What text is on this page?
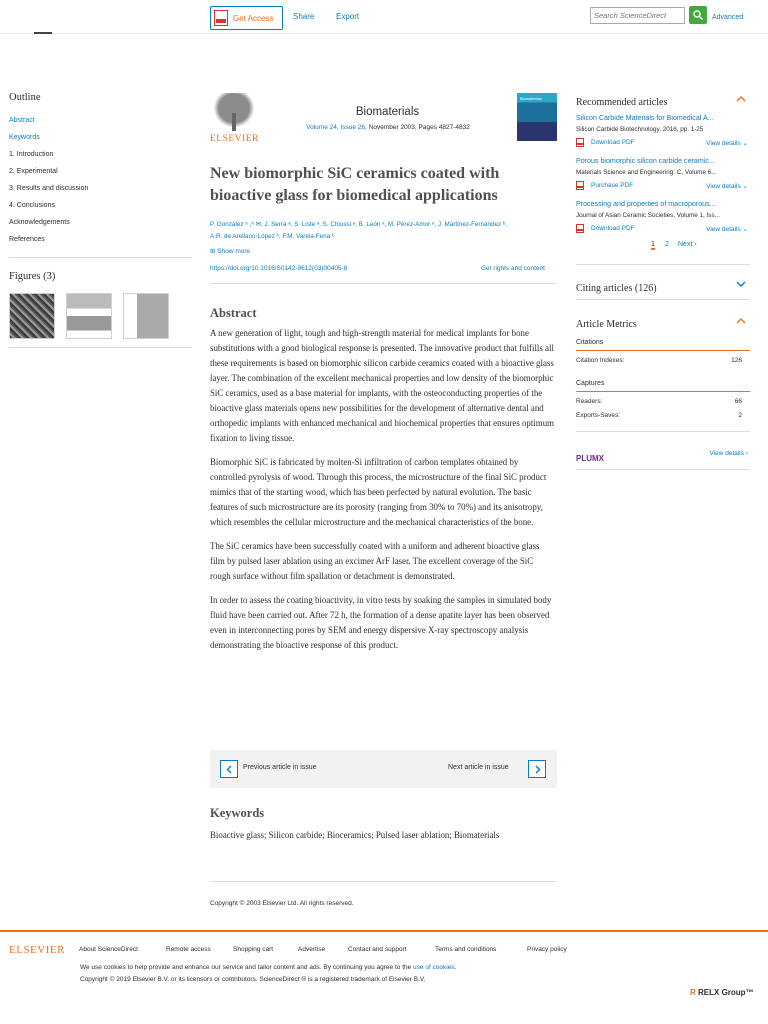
Get Access Share	Export
Search ScienceDirect	Advanced
Outline
Abstract
Keywords
1. Introduction
2. Experimental
3. Results and discussion
4. Conclusions
Acknowledgements
References
Figures (3)
ELSEVIER
Biomaterials
Volume 24, Issue 26, November 2003, Pages 4827-4832
Biomaterials
New biomorphic SiC ceramics coated with bioactive glass for biomedical applications
P. González ᵃ ,ᴬ ✉, J. Serra ᵃ, S. Liste ᵃ, S. Chiussi ᵃ, B. León ᵃ, M. Pérez-Amor ᵃ, J. Martínez-Fernández ᵇ,
A.R. de Arellano-López ᵇ, F.M. Varela-Feria ᵇ
⊞ Show more
https://doi.org/10.1016/S0142-9612(03)00405-8	Get rights and content
Abstract

A new generation of light, tough and high-strength material for medical implants for bone substitutions with a good biological response is presented. The innovative product that fulfills all these requirements is based on biomorphic silicon carbide ceramics coated with a bioactive glass layer. The combination of the excellent mechanical properties and low density of the biomorphic SiC ceramics, used as a base material for implants, with the osteoconducting properties of the bioactive glass materials opens new possibilities for the development of alternative dental and orthopedic implants with enhanced mechanical and biochemical properties that ensures optimum fixation to living tissue.

Biomorphic SiC is fabricated by molten-Si infiltration of carbon templates obtained by controlled pyrolysis of wood. Through this process, the microstructure of the final SiC product mimics that of the starting wood, which has been perfected by natural evolution. The basic features of such microstructure are its porosity (ranging from 30% to 70%) and its anisotropy, which resembles the cellular microstructure and the mechanical characteristics of the bone.

The SiC ceramics have been successfully coated with a uniform and adherent bioactive glass film by pulsed laser ablation using an excimer ArF laser. The excellent coverage of the SiC rough surface without film spallation or detachment is demonstrated.

In order to assess the coating bioactivity, in vitro tests by soaking the samples in simulated body fluid have been carried out. After 72 h, the formation of a dense apatite layer has been observed even in interconnecting pores by SEM and energy dispersive X-ray spectroscopy analysis demonstrating the bioactive response of this product.

Previous article in issue	Next article in issue
Keywords
Bioactive glass; Silicon carbide; Bioceramics; Pulsed laser ablation; Biomaterials
Copyright © 2003 Elsevier Ltd. All rights reserved.
Recommended articles
Silicon Carbide Materials for Biomedical A...
Silicon Carbide Biotechnology, 2016, pp. 1-25
Download PDF	View details ⌄
Porous biomorphic silicon carbide ceramic...
Materials Science and Engineering: C, Volume 6...
Purchase PDF	View details ⌄
Processing and properties of macroporous...
Journal of Asian Ceramic Societies, Volume 1, Iss...
Download PDF	View details ⌄
1 2 Next ›
Citing articles (126)
Article Metrics
Citations
Citation Indexes:	126
Captures
Readers:	66
Exports-Saves:	2
PLUMX
View details ›
ELSEVIER About ScienceDirect	Remote access	Shopping cart	Advertise	Contact and support	Terms and conditions	Privacy policy
We use cookies to help provide and enhance our service and tailor content and ads. By continuing you agree to the use of cookies.
Copyright © 2019 Elsevier B.V. or its licensors or contributors. ScienceDirect ® is a registered trademark of Elsevier B.V.
R RELX Group™
